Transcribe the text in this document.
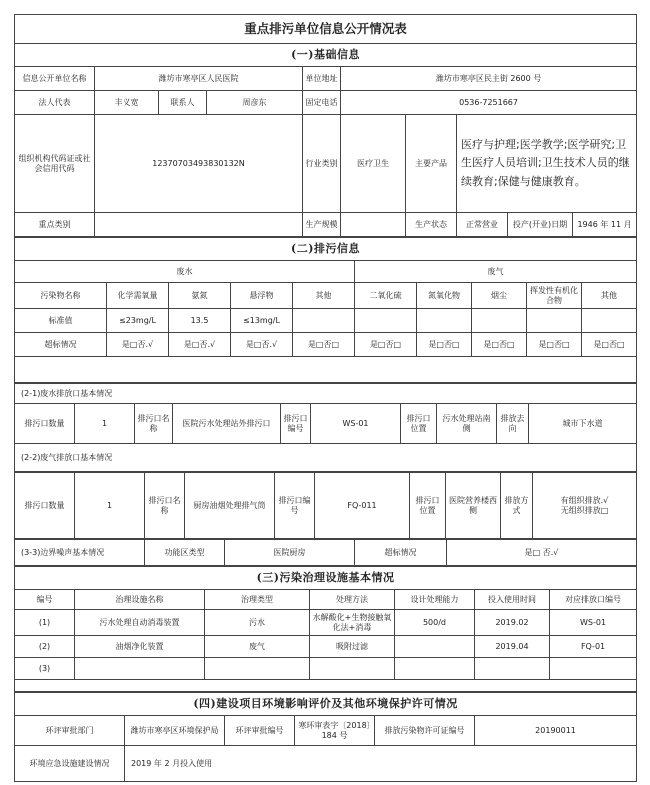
重点排污单位信息公开情况表									
(一)基础信息									
信息公开单位名称	潍坊市寒亭区人民医院			单位地址	潍坊市寒亭区民主街 2600 号				
法人代表	丰义宽	联系人	周彦东	固定电话	0536-7251667				
组织机构代码证或社会信用代码	12370703493830132N			行业类别	医疗卫生	主要产品	医疗与护理;医学教学;医学研究;卫生医疗人员培训;卫生技术人员的继续教育;保健与健康教育。		
重点类别				生产规模		生产状态	正常营业	投产(开业)日期	1946 年 11 月
(二)排污信息									
废水					废气				
污染物名称	化学需氧量	氨氮	悬浮物	其他	二氧化硫	氮氧化物	烟尘	挥发性有机化合物	其他
标准值	≤23mg/L	13.5	≤13mg/L						
超标情况	是□否.√	是□否.√	是□否.√	是□否□	是□否□	是□否□	是□否□	是□否□	是□否□

(2-1)废水排放口基本情况
排污口数量	1	排污口名称	医院污水处理站外排污口	排污口编号	WS-01	排污口位置	污水处理站南侧	排放去向	城市下水道
(2-2)废气排放口基本情况
排污口数量	1	排污口名称	厨房油烟处理排气筒	排污口编号	FQ-011	排污口位置	医院营养楼西侧	排放方式	
有组织排放.√
无组织排放□
(3-3)边界噪声基本情况	功能区类型	医院厨房	超标情况	是□ 否.√
(三)污染治理设施基本情况						
编号	治理设施名称	治理类型	处理方法	设计处理能力	投入使用时间	对应排放口编号
(1)	污水处理自动消毒装置	污水	水解酸化+生物接触氧化法+消毒	500/d	2019.02	WS-01
(2)	油烟净化装置	废气	吸附过滤		2019.04	FQ-01
(3)						

(四)建设项目环境影响评价及其他环境保护许可情况					
环评审批部门	潍坊市寒亭区环境保护局	环评审批编号	寒环审表字〔2018〕184 号	排放污染物许可证编号	20190011
环境应急设施建设情况	2019 年 2 月投入使用				
